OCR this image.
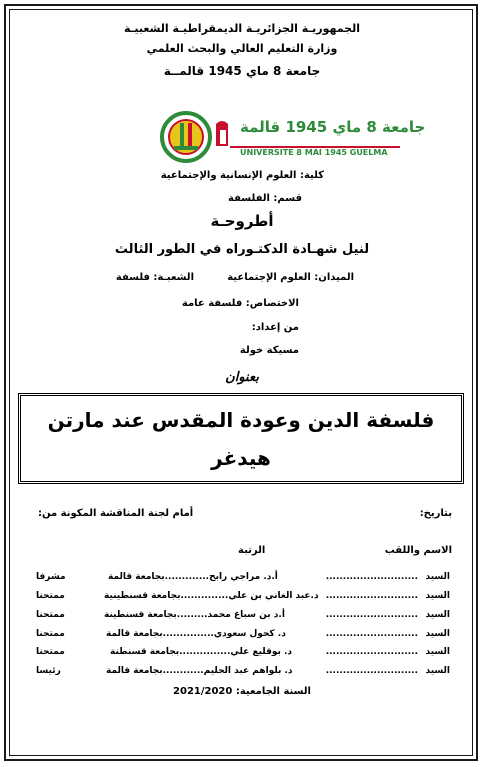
الجمهوريـة الجزائريـة الديمقراطيـة الشعبيـة
وزارة التعليم العالي والبحث العلمي
جامعة 8 ماي 1945 قالمــة
جامعة 8 ماي 1945 قالمة
UNIVERSITE 8 MAI 1945 GUELMA
كلية: العلوم الإنسانية والإجتماعية
قسم: الفلسفة
أطروحـة
لنيل شهـادة الدكتـوراه في الطور الثالث
الميدان: العلوم الإجتماعية
الشعبـة: فلسفة
الاختصاص: فلسفة عامة
من إعداد:
مسيكة خولة
بعنوان
فلسفة الدين وعودة المقدس عند مارتن
هيدغر
بتاريخ:
أمام لجنة المناقشة المكونة من:
الاسم واللقب
الرتبة
السيد
...........................
أ.د. مراجي رابح.............بجامعة قالمة
مشرفا
السيد
...........................
د.عبد الغاني بن علي..............بجامعة قسنطينية
ممتحنا
السيد
...........................
أ.د بن سباع محمد.........بجامعة قسنطينة
ممتحنا
السيد
...........................
د. كحول سعودي...............بجامعة قالمة
ممتحنا
السيد
...........................
د. بوقليع علي...............بجامعة قسنطنة
ممتحنا
السيد
...........................
د. بلواهم عبد الحليم............بجامعة قالمة
رئيسا
السنة الجامعية: 2021/2020
